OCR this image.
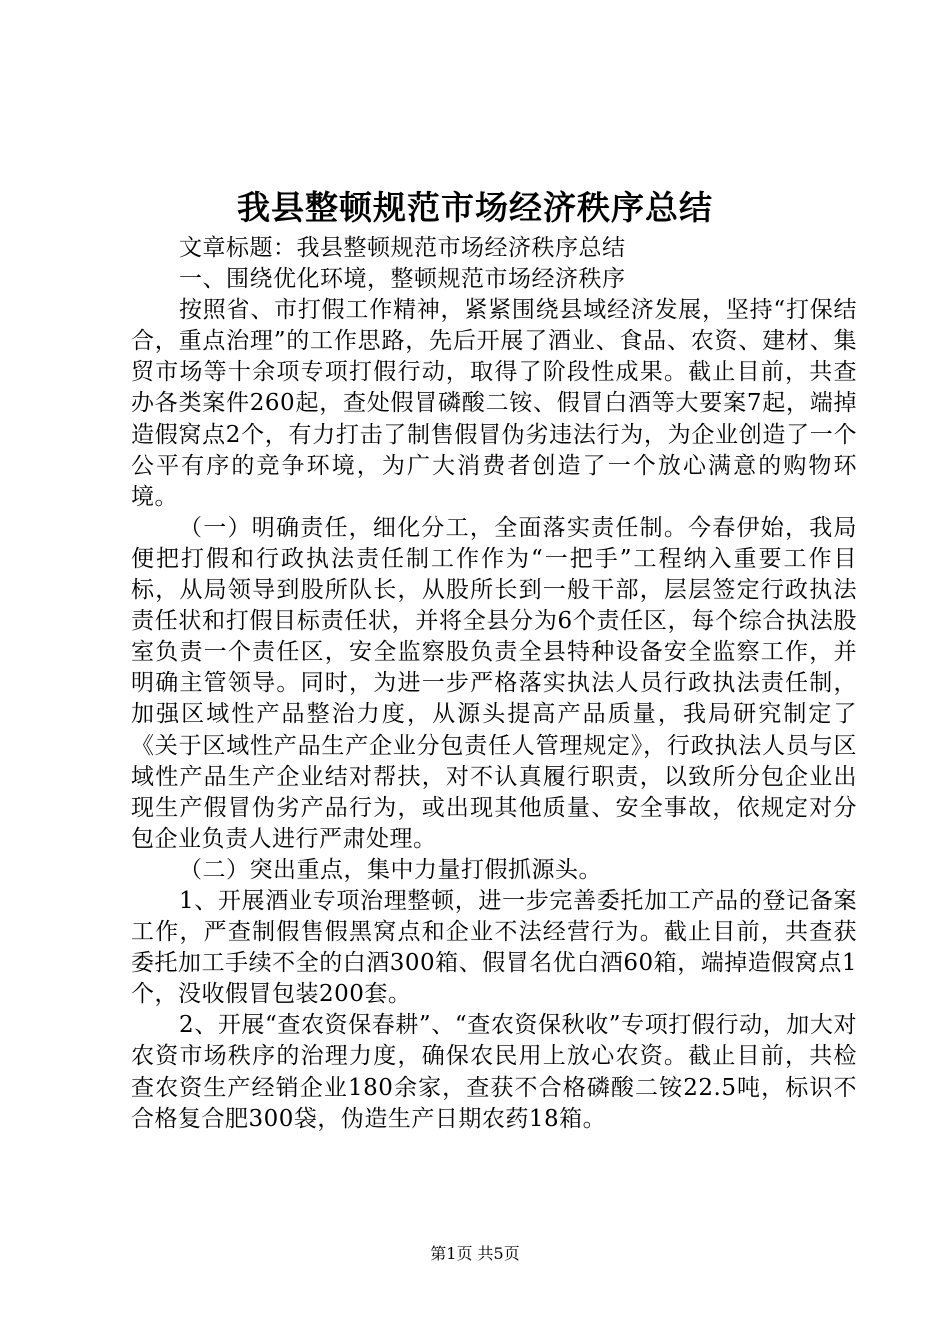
我县整顿规范市场经济秩序总结

文章标题：我县整顿规范市场经济秩序总结

一、围绕优化环境，整顿规范市场经济秩序

按照省、市打假工作精神，紧紧围绕县域经济发展，坚持“打保结合，重点治理”的工作思路，先后开展了酒业、食品、农资、建材、集贸市场等十余项专项打假行动，取得了阶段性成果。截止目前，共查办各类案件260起，查处假冒磷酸二铵、假冒白酒等大要案7起，端掉造假窝点2个，有力打击了制售假冒伪劣违法行为，为企业创造了一个公平有序的竞争环境，为广大消费者创造了一个放心满意的购物环境。

（一）明确责任，细化分工，全面落实责任制。今春伊始，我局便把打假和行政执法责任制工作作为“一把手”工程纳入重要工作目标，从局领导到股所队长，从股所长到一般干部，层层签定行政执法责任状和打假目标责任状，并将全县分为6个责任区，每个综合执法股室负责一个责任区，安全监察股负责全县特种设备安全监察工作，并明确主管领导。同时，为进一步严格落实执法人员行政执法责任制，加强区域性产品整治力度，从源头提高产品质量，我局研究制定了《关于区域性产品生产企业分包责任人管理规定》，行政执法人员与区域性产品生产企业结对帮扶，对不认真履行职责，以致所分包企业出现生产假冒伪劣产品行为，或出现其他质量、安全事故，依规定对分包企业负责人进行严肃处理。

（二）突出重点，集中力量打假抓源头。

1、开展酒业专项治理整顿，进一步完善委托加工产品的登记备案工作，严查制假售假黑窝点和企业不法经营行为。截止目前，共查获委托加工手续不全的白酒300箱、假冒名优白酒60箱，端掉造假窝点1个，没收假冒包装200套。

2、开展“查农资保春耕”、“查农资保秋收”专项打假行动，加大对农资市场秩序的治理力度，确保农民用上放心农资。截止目前，共检查农资生产经销企业180余家，查获不合格磷酸二铵22.5吨，标识不合格复合肥300袋，伪造生产日期农药18箱。

第1页 共5页
